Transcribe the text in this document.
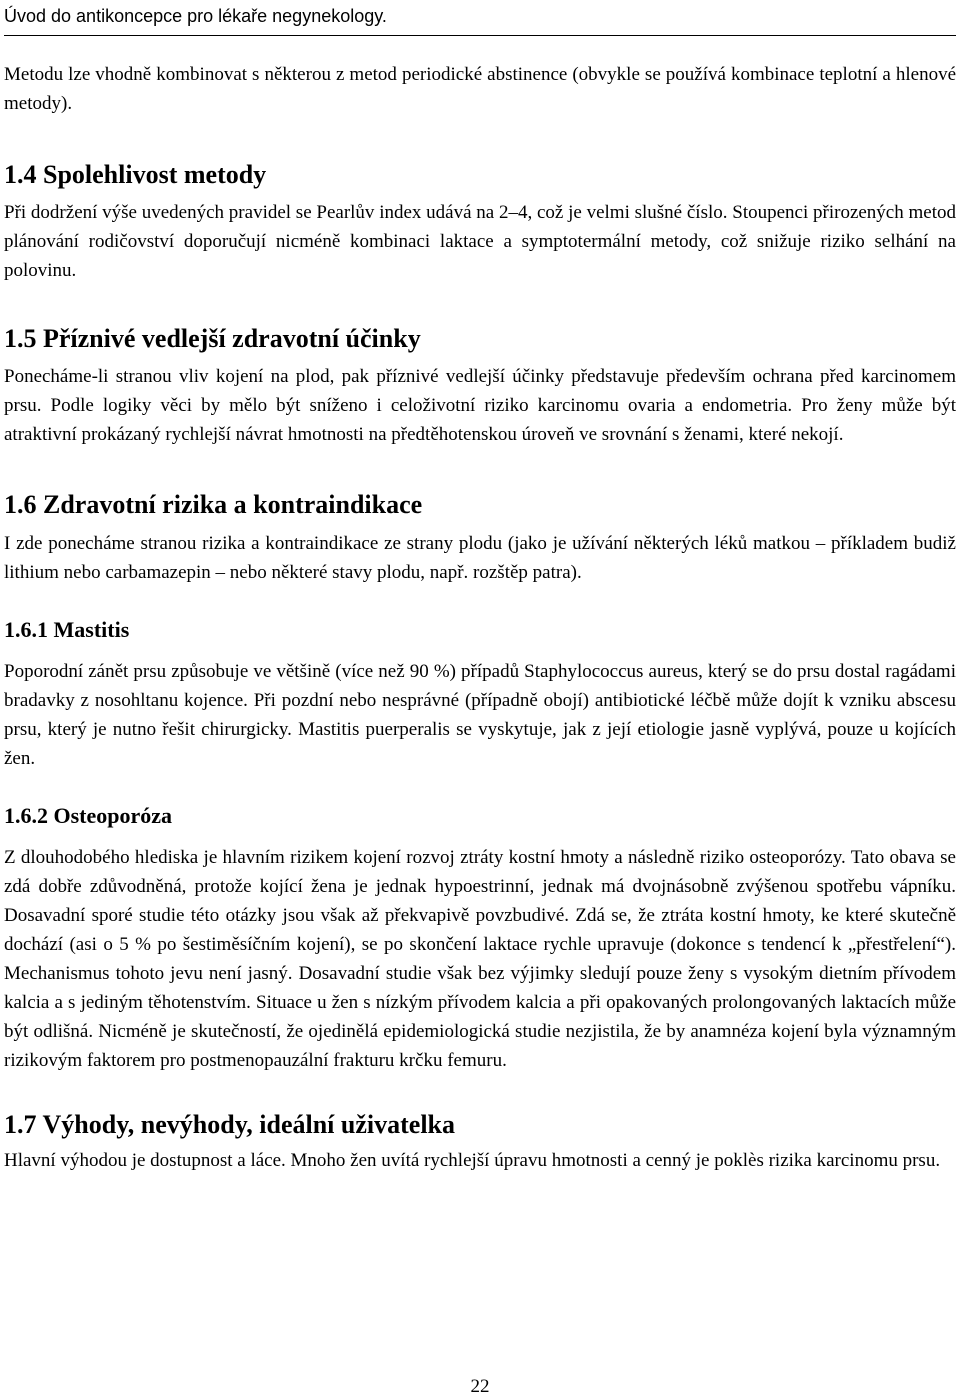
Úvod do antikoncepce pro lékaře negynekology.

Metodu lze vhodně kombinovat s některou z metod periodické abstinence (obvykle se používá kombinace teplotní a hlenové metody).

1.4 Spolehlivost metody

Při dodržení výše uvedených pravidel se Pearlův index udává na 2–4, což je velmi slušné číslo. Stoupenci přirozených metod plánování rodičovství doporučují nicméně kombinaci laktace a symptotermální metody, což snižuje riziko selhání na polovinu.

1.5 Příznivé vedlejší zdravotní účinky

Ponecháme-li stranou vliv kojení na plod, pak příznivé vedlejší účinky představuje především ochrana před karcinomem prsu. Podle logiky věci by mělo být sníženo i celoživotní riziko karcinomu ovaria a endometria. Pro ženy může být atraktivní prokázaný rychlejší návrat hmotnosti na předtěhotenskou úroveň ve srovnání s ženami, které nekojí.

1.6 Zdravotní rizika a kontraindikace

I zde ponecháme stranou rizika a kontraindikace ze strany plodu (jako je užívání některých léků matkou – příkladem budiž lithium nebo carbamazepin – nebo některé stavy plodu, např. rozštěp patra).

1.6.1 Mastitis

Poporodní zánět prsu způsobuje ve většině (více než 90 %) případů Staphylococcus aureus, který se do prsu dostal ragádami bradavky z nosohltanu kojence. Při pozdní nebo nesprávné (případně obojí) antibiotické léčbě může dojít k vzniku abscesu prsu, který je nutno řešit chirurgicky. Mastitis puerperalis se vyskytuje, jak z její etiologie jasně vyplývá, pouze u kojících žen.

1.6.2 Osteoporóza

Z dlouhodobého hlediska je hlavním rizikem kojení rozvoj ztráty kostní hmoty a následně riziko osteoporózy. Tato obava se zdá dobře zdůvodněná, protože kojící žena je jednak hypoestrinní, jednak má dvojnásobně zvýšenou spotřebu vápníku. Dosavadní sporé studie této otázky jsou však až překvapivě povzbudivé. Zdá se, že ztráta kostní hmoty, ke které skutečně dochází (asi o 5 % po šestiměsíčním kojení), se po skončení laktace rychle upravuje (dokonce s tendencí k „přestřelení“). Mechanismus tohoto jevu není jasný. Dosavadní studie však bez výjimky sledují pouze ženy s vysokým dietním přívodem kalcia a s jediným těhotenstvím. Situace u žen s nízkým přívodem kalcia a při opakovaných prolongovaných laktacích může být odlišná. Nicméně je skutečností, že ojedinělá epidemiologická studie nezjistila, že by anamnéza kojení byla významným rizikovým faktorem pro postmenopauzální frakturu krčku femuru.

1.7 Výhody, nevýhody, ideální uživatelka

Hlavní výhodou je dostupnost a láce. Mnoho žen uvítá rychlejší úpravu hmotnosti a cenný je poklès rizika karcinomu prsu.

22
